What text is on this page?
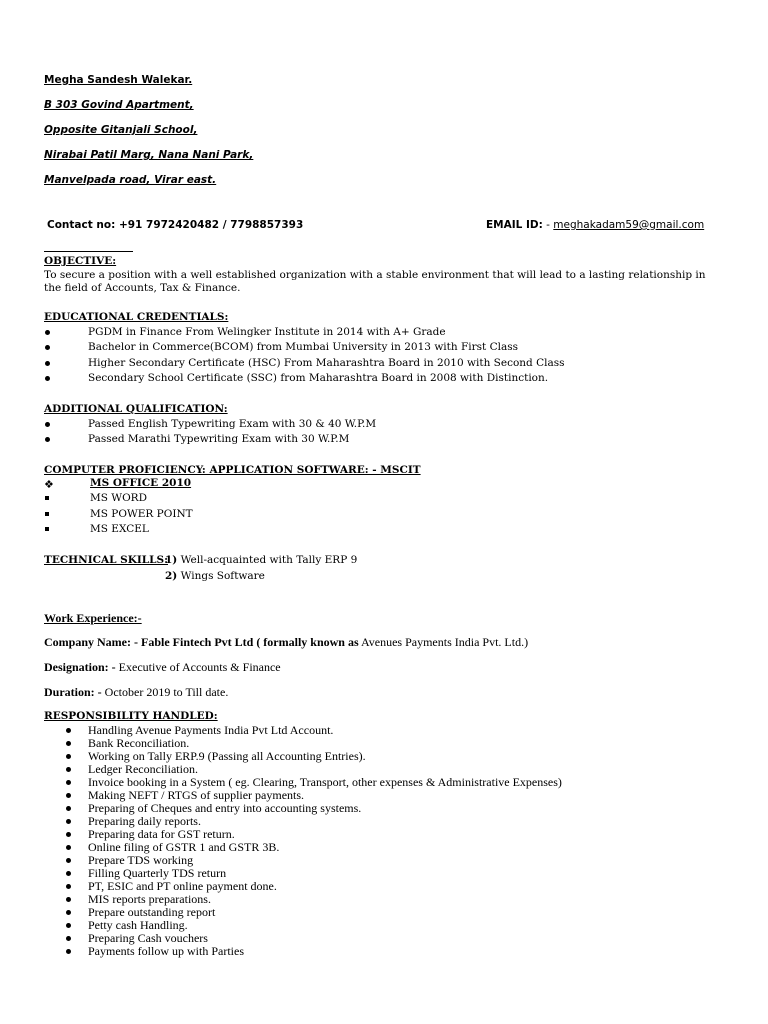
Megha Sandesh Walekar.
B 303 Govind Apartment,
Opposite Gitanjali School,
Nirabai Patil Marg, Nana Nani Park,
Manvelpada road, Virar east.
Contact no: +91 7972420482 / 7798857393	EMAIL ID: - meghakadam59@gmail.com
OBJECTIVE:
To secure a position with a well established organization with a stable environment that will lead to a lasting relationship in the field of Accounts, Tax & Finance.
EDUCATIONAL CREDENTIALS:
PGDM in Finance From Welingker Institute in 2014 with A+ Grade
Bachelor in Commerce(BCOM) from Mumbai University in 2013 with First Class
Higher Secondary Certificate (HSC) From Maharashtra Board in 2010 with Second Class
Secondary School Certificate (SSC) from Maharashtra Board in 2008 with Distinction.
ADDITIONAL QUALIFICATION:
Passed English Typewriting Exam with 30 & 40 W.P.M
Passed Marathi Typewriting Exam with 30 W.P.M
COMPUTER PROFICIENCY: APPLICATION SOFTWARE: - MSCIT
❖	MS OFFICE 2010
MS WORD
MS POWER POINT
MS EXCEL
TECHNICAL SKILLS:
1) Well-acquainted with Tally ERP 9
2) Wings Software
Work Experience:-
Company Name: - Fable Fintech Pvt Ltd ( formally known as Avenues Payments India Pvt. Ltd.)
Designation: - Executive of Accounts & Finance
Duration: - October 2019 to Till date.
RESPONSIBILITY HANDLED:
Handling Avenue Payments India Pvt Ltd Account.
Bank Reconciliation.
Working on Tally ERP.9 (Passing all Accounting Entries).
Ledger Reconciliation.
Invoice booking in a System ( eg. Clearing, Transport, other expenses & Administrative Expenses)
Making NEFT / RTGS of supplier payments.
Preparing of Cheques and entry into accounting systems.
Preparing daily reports.
Preparing data for GST return.
Online filing of GSTR 1 and GSTR 3B.
Prepare TDS working
Filling Quarterly TDS return
PT, ESIC and PT online payment done.
MIS reports preparations.
Prepare outstanding report
Petty cash Handling.
Preparing Cash vouchers
Payments follow up with Parties
